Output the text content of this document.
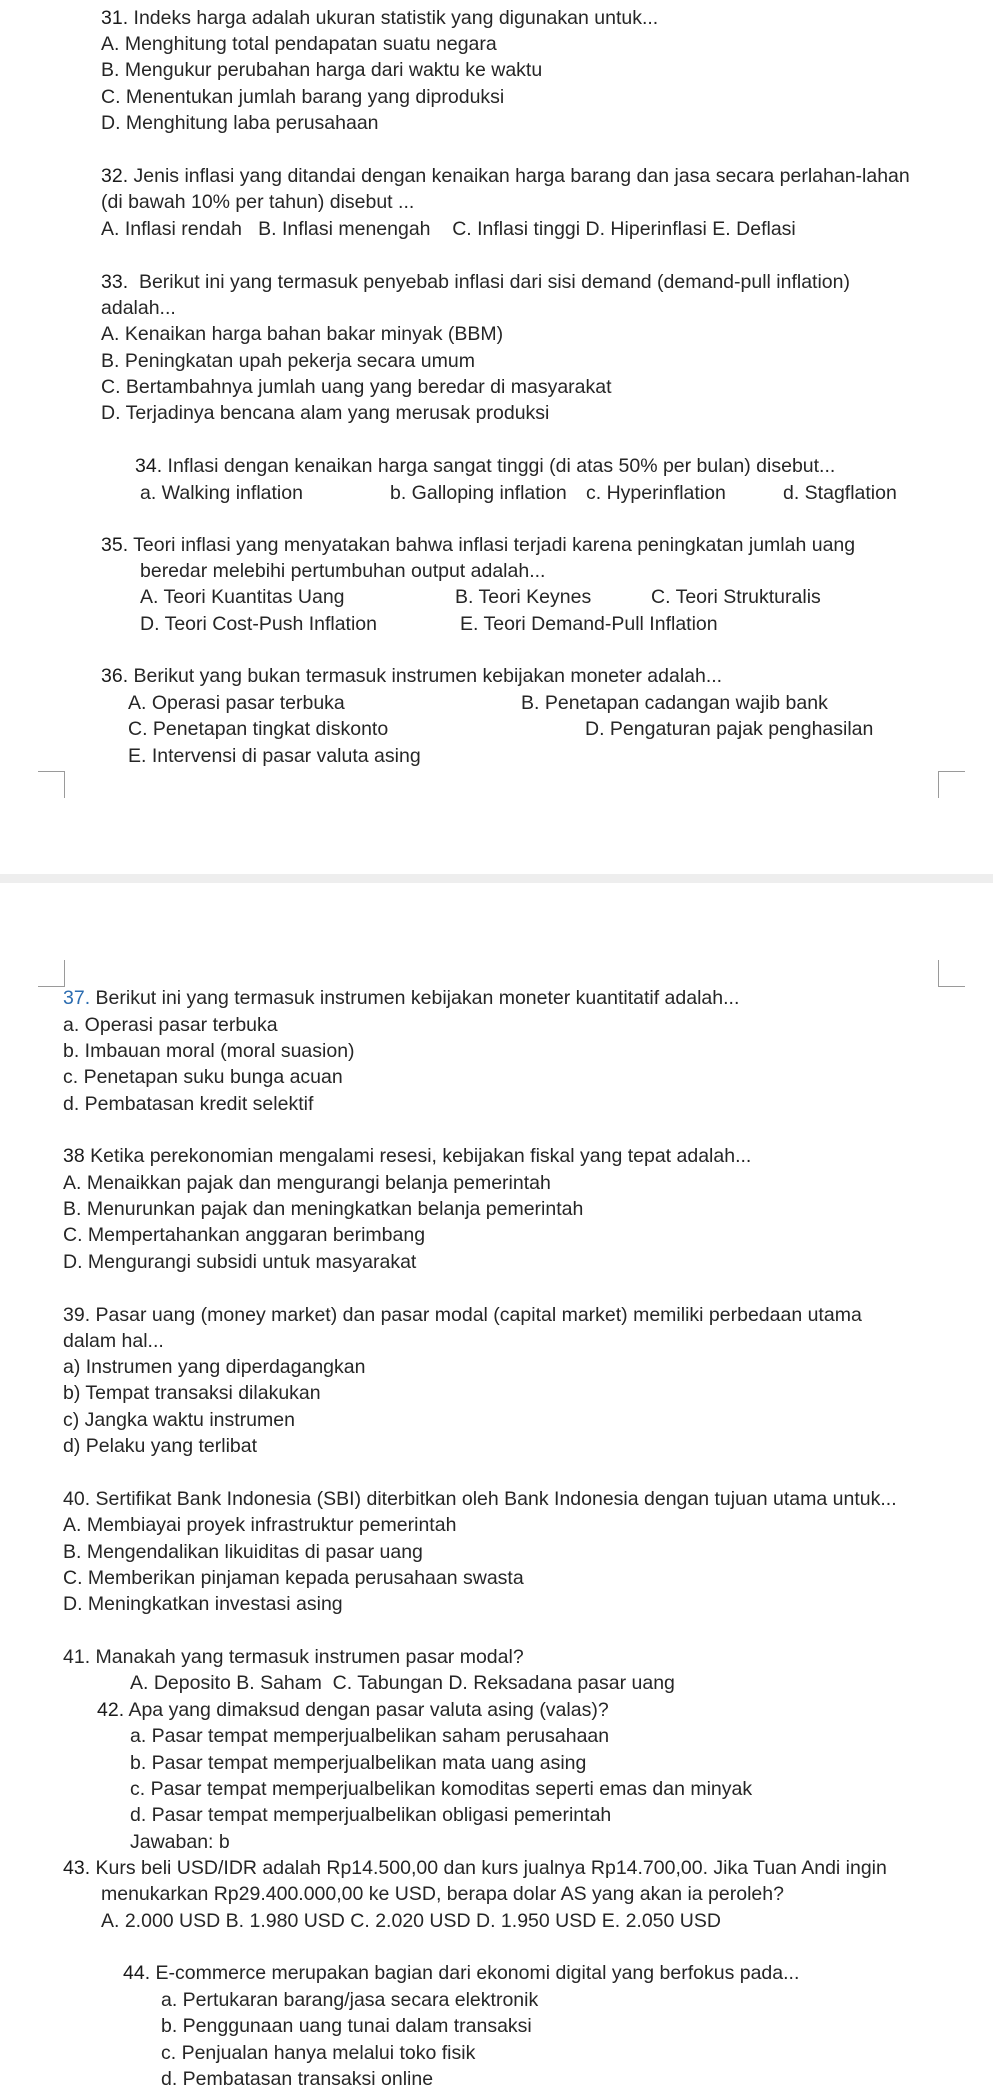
31. Indeks harga adalah ukuran statistik yang digunakan untuk...
A. Menghitung total pendapatan suatu negara
B. Mengukur perubahan harga dari waktu ke waktu
C. Menentukan jumlah barang yang diproduksi
D. Menghitung laba perusahaan
32. Jenis inflasi yang ditandai dengan kenaikan harga barang dan jasa secara perlahan-lahan
(di bawah 10% per tahun) disebut ...
A. Inflasi rendah   B. Inflasi menengah    C. Inflasi tinggi D. Hiperinflasi E. Deflasi
33.  Berikut ini yang termasuk penyebab inflasi dari sisi demand (demand-pull inflation)
adalah...
A. Kenaikan harga bahan bakar minyak (BBM)
B. Peningkatan upah pekerja secara umum
C. Bertambahnya jumlah uang yang beredar di masyarakat
D. Terjadinya bencana alam yang merusak produksi
34. Inflasi dengan kenaikan harga sangat tinggi (di atas 50% per bulan) disebut...
a. Walking inflation	b. Galloping inflation c. Hyperinflation	d. Stagflation
35. Teori inflasi yang menyatakan bahwa inflasi terjadi karena peningkatan jumlah uang
beredar melebihi pertumbuhan output adalah...
A. Teori Kuantitas Uang	B. Teori Keynes	C. Teori Strukturalis
D. Teori Cost-Push Inflation	E. Teori Demand-Pull Inflation
36. Berikut yang bukan termasuk instrumen kebijakan moneter adalah...
A. Operasi pasar terbuka	B. Penetapan cadangan wajib bank
C. Penetapan tingkat diskonto	D. Pengaturan pajak penghasilan
E. Intervensi di pasar valuta asing
37. Berikut ini yang termasuk instrumen kebijakan moneter kuantitatif adalah...
a. Operasi pasar terbuka
b. Imbauan moral (moral suasion)
c. Penetapan suku bunga acuan
d. Pembatasan kredit selektif
38 Ketika perekonomian mengalami resesi, kebijakan fiskal yang tepat adalah...
A. Menaikkan pajak dan mengurangi belanja pemerintah
B. Menurunkan pajak dan meningkatkan belanja pemerintah
C. Mempertahankan anggaran berimbang
D. Mengurangi subsidi untuk masyarakat
39. Pasar uang (money market) dan pasar modal (capital market) memiliki perbedaan utama
dalam hal...
a) Instrumen yang diperdagangkan
b) Tempat transaksi dilakukan
c) Jangka waktu instrumen
d) Pelaku yang terlibat
40. Sertifikat Bank Indonesia (SBI) diterbitkan oleh Bank Indonesia dengan tujuan utama untuk...
A. Membiayai proyek infrastruktur pemerintah
B. Mengendalikan likuiditas di pasar uang
C. Memberikan pinjaman kepada perusahaan swasta
D. Meningkatkan investasi asing
41. Manakah yang termasuk instrumen pasar modal?
A. Deposito B. Saham  C. Tabungan D. Reksadana pasar uang
42. Apa yang dimaksud dengan pasar valuta asing (valas)?
a. Pasar tempat memperjualbelikan saham perusahaan
b. Pasar tempat memperjualbelikan mata uang asing
c. Pasar tempat memperjualbelikan komoditas seperti emas dan minyak
d. Pasar tempat memperjualbelikan obligasi pemerintah
Jawaban: b
43. Kurs beli USD/IDR adalah Rp14.500,00 dan kurs jualnya Rp14.700,00. Jika Tuan Andi ingin
menukarkan Rp29.400.000,00 ke USD, berapa dolar AS yang akan ia peroleh?
A. 2.000 USD B. 1.980 USD C. 2.020 USD D. 1.950 USD E. 2.050 USD
44. E-commerce merupakan bagian dari ekonomi digital yang berfokus pada...
a. Pertukaran barang/jasa secara elektronik
b. Penggunaan uang tunai dalam transaksi
c. Penjualan hanya melalui toko fisik
d. Pembatasan transaksi online
